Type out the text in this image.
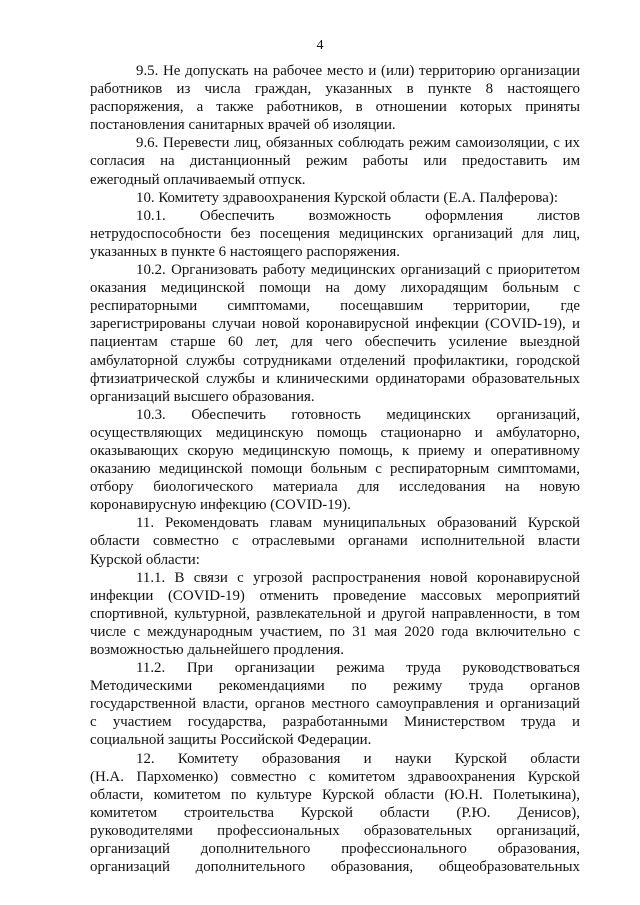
4

9.5. Не допускать на рабочее место и (или) территорию организации
работников из числа граждан, указанных в пункте 8 настоящего
распоряжения, а также работников, в отношении которых приняты
постановления санитарных врачей об изоляции.

9.6. Перевести лиц, обязанных соблюдать режим самоизоляции, с их
согласия на дистанционный режим работы или предоставить им
ежегодный оплачиваемый отпуск.

10. Комитету здравоохранения Курской области (Е.А. Палферова):

10.1. Обеспечить возможность оформления листов
нетрудоспособности без посещения медицинских организаций для лиц,
указанных в пункте 6 настоящего распоряжения.

10.2. Организовать работу медицинских организаций с приоритетом
оказания медицинской помощи на дому лихорадящим больным с
респираторными симптомами, посещавшим территории, где
зарегистрированы случаи новой коронавирусной инфекции (COVID-19), и
пациентам старше 60 лет, для чего обеспечить усиление выездной
амбулаторной службы сотрудниками отделений профилактики, городской
фтизиатрической службы и клиническими ординаторами образовательных
организаций высшего образования.

10.3. Обеспечить готовность медицинских организаций,
осуществляющих медицинскую помощь стационарно и амбулаторно,
оказывающих скорую медицинскую помощь, к приему и оперативному
оказанию медицинской помощи больным с респираторным симптомами,
отбору биологического материала для исследования на новую
коронавирусную инфекцию (COVID-19).

11. Рекомендовать главам муниципальных образований Курской
области совместно с отраслевыми органами исполнительной власти
Курской области:

11.1. В связи с угрозой распространения новой коронавирусной
инфекции (COVID-19) отменить проведение массовых мероприятий
спортивной, культурной, развлекательной и другой направленности, в том
числе с международным участием, по 31 мая 2020 года включительно с
возможностью дальнейшего продления.

11.2. При организации режима труда руководствоваться
Методическими рекомендациями по режиму труда органов
государственной власти, органов местного самоуправления и организаций
с участием государства, разработанными Министерством труда и
социальной защиты Российской Федерации.

12. Комитету образования и науки Курской области
(Н.А. Пархоменко) совместно с комитетом здравоохранения Курской
области, комитетом по культуре Курской области (Ю.Н. Полетыкина),
комитетом строительства Курской области (Р.Ю. Денисов),
руководителями профессиональных образовательных организаций,
организаций дополнительного профессионального образования,
организаций дополнительного образования, общеобразовательных
